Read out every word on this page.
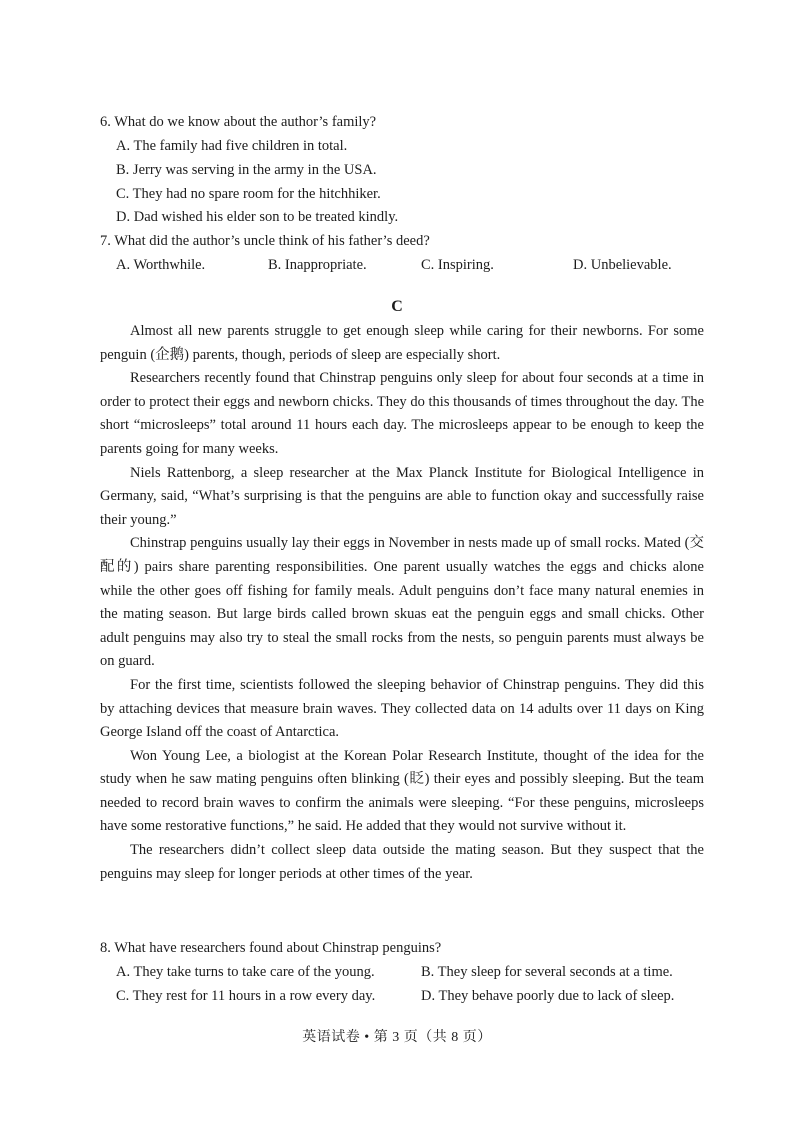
6. What do we know about the author’s family?
A. The family had five children in total.
B. Jerry was serving in the army in the USA.
C. They had no spare room for the hitchhiker.
D. Dad wished his elder son to be treated kindly.
7. What did the author’s uncle think of his father’s deed?
A. Worthwhile.	B. Inappropriate.	C. Inspiring.	D. Unbelievable.
C

Almost all new parents struggle to get enough sleep while caring for their newborns. For some penguin (企鹅) parents, though, periods of sleep are especially short.

Researchers recently found that Chinstrap penguins only sleep for about four seconds at a time in order to protect their eggs and newborn chicks. They do this thousands of times throughout the day. The short “microsleeps” total around 11 hours each day. The microsleeps appear to be enough to keep the parents going for many weeks.

Niels Rattenborg, a sleep researcher at the Max Planck Institute for Biological Intelligence in Germany, said, “What’s surprising is that the penguins are able to function okay and successfully raise their young.”

Chinstrap penguins usually lay their eggs in November in nests made up of small rocks. Mated (交配的) pairs share parenting responsibilities. One parent usually watches the eggs and chicks alone while the other goes off fishing for family meals. Adult penguins don’t face many natural enemies in the mating season. But large birds called brown skuas eat the penguin eggs and small chicks. Other adult penguins may also try to steal the small rocks from the nests, so penguin parents must always be on guard.

For the first time, scientists followed the sleeping behavior of Chinstrap penguins. They did this by attaching devices that measure brain waves. They collected data on 14 adults over 11 days on King George Island off the coast of Antarctica.

Won Young Lee, a biologist at the Korean Polar Research Institute, thought of the idea for the study when he saw mating penguins often blinking (眨) their eyes and possibly sleeping. But the team needed to record brain waves to confirm the animals were sleeping. “For these penguins, microsleeps have some restorative functions,” he said. He added that they would not survive without it.

The researchers didn’t collect sleep data outside the mating season. But they suspect that the penguins may sleep for longer periods at other times of the year.

8. What have researchers found about Chinstrap penguins?
A. They take turns to take care of the young.	B. They sleep for several seconds at a time.
C. They rest for 11 hours in a row every day.	D. They behave poorly due to lack of sleep.
英语试卷 • 第 3 页（共 8 页）
